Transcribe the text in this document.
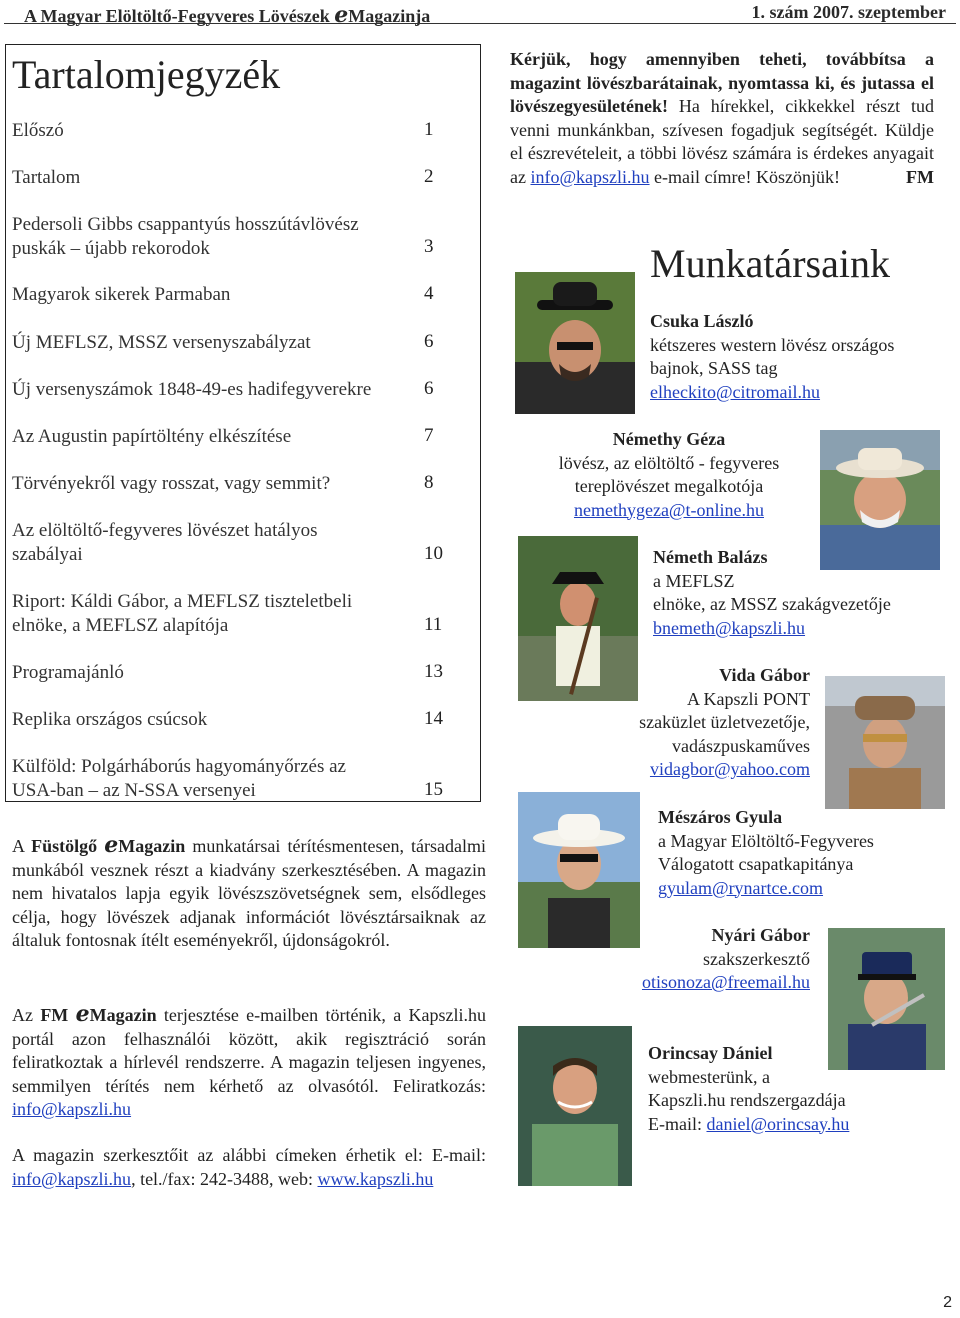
A Magyar Elöltöltő-Fegyveres Lövészek eMagazinja	1. szám 2007. szeptember
Tartalomjegyzék
Előszó	1
Tartalom	2
Pedersoli Gibbs csappantyús hosszútávlövész puskák – újabb rekorodok	3
Magyarok sikerek Parmaban	4
Új MEFLSZ, MSSZ versenyszabályzat	6
Új versenyszámok 1848-49-es hadifegyverekre	6
Az Augustin papírtöltény elkészítése	7
Törvényekről vagy rosszat, vagy semmit?	8
Az elöltöltő-fegyveres lövészet hatályos szabályai	10
Riport: Káldi Gábor, a MEFLSZ tiszteletbeli elnöke, a MEFLSZ alapítója	11
Programajánló	13
Replika országos csúcsok	14
Külföld: Polgárháborús hagyományőrzés az USA-ban – az N-SSA versenyei	15
A Füstölgő eMagazin munkatársai térítésmentesen, társadalmi munkából vesznek részt a kiadvány szerkesztésében. A magazin nem hivatalos lapja egyik lövészszövetségnek sem, elsődleges célja, hogy lövészek adjanak információt lövésztársaiknak az általuk fontosnak ítélt eseményekről, újdonságokról.
Az FM eMagazin terjesztése e-mailben történik, a Kapszli.hu portál azon felhasználói között, akik regisztráció során feliratkoztak a hírlevél rendszerre. A magazin teljesen ingyenes, semmilyen térítés nem kérhető az olvasótól. Feliratkozás: info@kapszli.hu
A magazin szerkesztőit az alábbi címeken érhetik el: E-mail: info@kapszli.hu, tel./fax: 242-3488, web: www.kapszli.hu
Kérjük, hogy amennyiben teheti, továbbítsa a magazint lövészbarátainak, nyomtassa ki, és jutassa el lövészegyesületének! Ha hírekkel, cikkekkel részt tud venni munkánkban, szívesen fogadjuk segítségét. Küldje el észrevételeit, a többi lövész számára is érdekes anyagait az info@kapszli.hu e-mail címre! Köszönjük!	FM
Munkatársaink
Csuka László
kétszeres western lövész országos
bajnok, SASS tag
elheckito@citromail.hu
Némethy Géza
lövész, az elöltöltő - fegyveres
tereplövészet megalkotója
nemethygeza@t-online.hu
Németh Balázs
a MEFLSZ
elnöke, az MSSZ szakágvezetője
bnemeth@kapszli.hu
Vida Gábor
A Kapszli PONT
szaküzlet üzletvezetője,
vadászpuskaműves
vidagbor@yahoo.com
Mészáros Gyula
a Magyar Elöltöltő-Fegyveres
Válogatott csapatkapitánya
gyulam@rynartce.com
Nyári Gábor
szakszerkesztő
otisonoza@freemail.hu
Orincsay Dániel
webmesterünk, a
Kapszli.hu rendszergazdája
E-mail: daniel@orincsay.hu
2
